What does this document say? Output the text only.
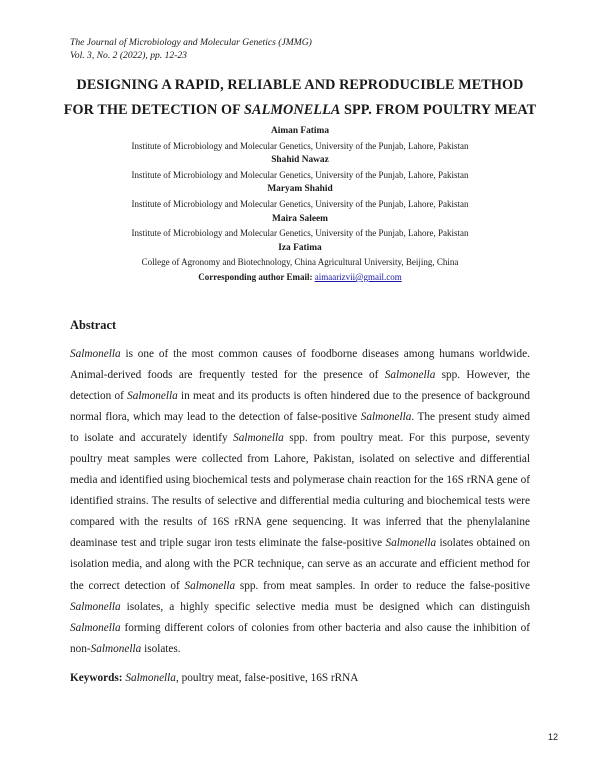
The Journal of Microbiology and Molecular Genetics (JMMG)
Vol. 3, No. 2 (2022), pp. 12-23
DESIGNING A RAPID, RELIABLE AND REPRODUCIBLE METHOD
FOR THE DETECTION OF SALMONELLA SPP. FROM POULTRY MEAT
Aiman Fatima
Institute of Microbiology and Molecular Genetics, University of the Punjab, Lahore, Pakistan
Shahid Nawaz
Institute of Microbiology and Molecular Genetics, University of the Punjab, Lahore, Pakistan
Maryam Shahid
Institute of Microbiology and Molecular Genetics, University of the Punjab, Lahore, Pakistan
Maira Saleem
Institute of Microbiology and Molecular Genetics, University of the Punjab, Lahore, Pakistan
Iza Fatima
College of Agronomy and Biotechnology, China Agricultural University, Beijing, China
Corresponding author Email: aimaarizvii@gmail.com
Abstract

Salmonella is one of the most common causes of foodborne diseases among humans worldwide. Animal-derived foods are frequently tested for the presence of Salmonella spp. However, the detection of Salmonella in meat and its products is often hindered due to the presence of background normal flora, which may lead to the detection of false-positive Salmonella. The present study aimed to isolate and accurately identify Salmonella spp. from poultry meat. For this purpose, seventy poultry meat samples were collected from Lahore, Pakistan, isolated on selective and differential media and identified using biochemical tests and polymerase chain reaction for the 16S rRNA gene of identified strains. The results of selective and differential media culturing and biochemical tests were compared with the results of 16S rRNA gene sequencing. It was inferred that the phenylalanine deaminase test and triple sugar iron tests eliminate the false-positive Salmonella isolates obtained on isolation media, and along with the PCR technique, can serve as an accurate and efficient method for the correct detection of Salmonella spp. from meat samples. In order to reduce the false-positive Salmonella isolates, a highly specific selective media must be designed which can distinguish Salmonella forming different colors of colonies from other bacteria and also cause the inhibition of non-Salmonella isolates.

Keywords: Salmonella, poultry meat, false-positive, 16S rRNA
12
